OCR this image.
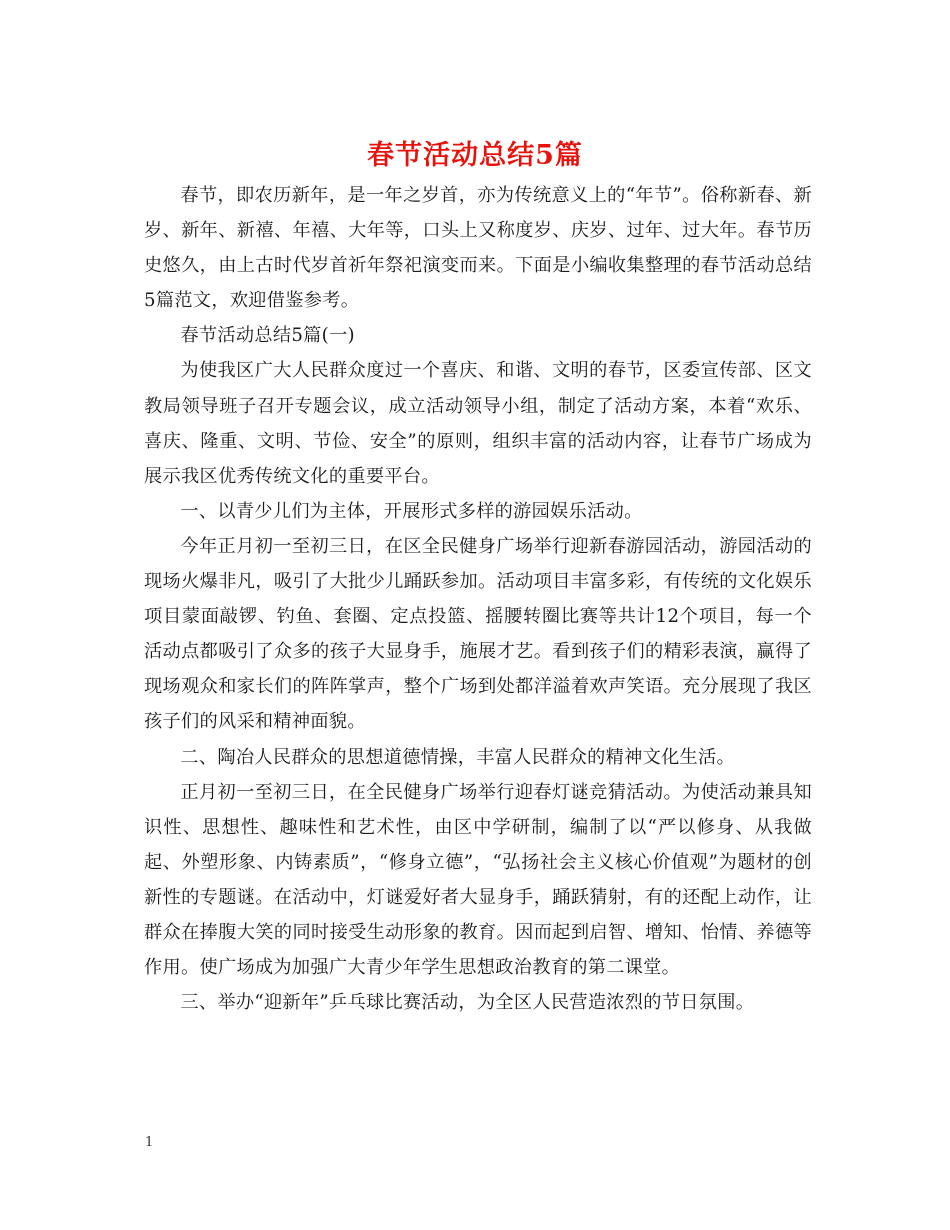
春节活动总结5篇

春节，即农历新年，是一年之岁首，亦为传统意义上的“年节”。俗称新春、新岁、新年、新禧、年禧、大年等，口头上又称度岁、庆岁、过年、过大年。春节历史悠久，由上古时代岁首祈年祭祀演变而来。下面是小编收集整理的春节活动总结5篇范文，欢迎借鉴参考。

春节活动总结5篇(一)

为使我区广大人民群众度过一个喜庆、和谐、文明的春节，区委宣传部、区文教局领导班子召开专题会议，成立活动领导小组，制定了活动方案，本着“欢乐、喜庆、隆重、文明、节俭、安全”的原则，组织丰富的活动内容，让春节广场成为展示我区优秀传统文化的重要平台。

一、以青少儿们为主体，开展形式多样的游园娱乐活动。

今年正月初一至初三日，在区全民健身广场举行迎新春游园活动，游园活动的现场火爆非凡，吸引了大批少儿踊跃参加。活动项目丰富多彩，有传统的文化娱乐项目蒙面敲锣、钓鱼、套圈、定点投篮、摇腰转圈比赛等共计12个项目，每一个活动点都吸引了众多的孩子大显身手，施展才艺。看到孩子们的精彩表演，赢得了现场观众和家长们的阵阵掌声，整个广场到处都洋溢着欢声笑语。充分展现了我区孩子们的风采和精神面貌。

二、陶冶人民群众的思想道德情操，丰富人民群众的精神文化生活。

正月初一至初三日，在全民健身广场举行迎春灯谜竞猜活动。为使活动兼具知识性、思想性、趣味性和艺术性，由区中学研制，编制了以“严以修身、从我做起、外塑形象、内铸素质”，“修身立德”，“弘扬社会主义核心价值观”为题材的创新性的专题谜。在活动中，灯谜爱好者大显身手，踊跃猜射，有的还配上动作，让群众在捧腹大笑的同时接受生动形象的教育。因而起到启智、增知、怡情、养德等作用。使广场成为加强广大青少年学生思想政治教育的第二课堂。

三、举办“迎新年”乒乓球比赛活动，为全区人民营造浓烈的节日氛围。

1
